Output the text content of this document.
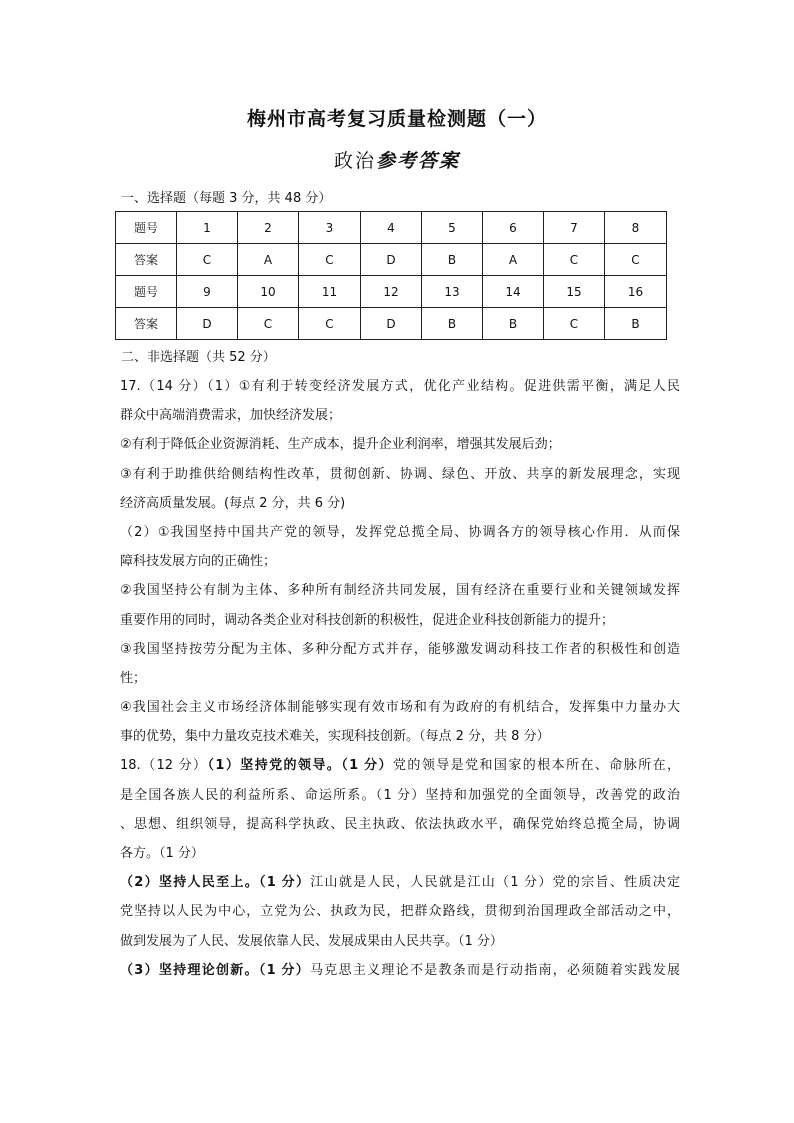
梅州市高考复习质量检测题（一）
政治参考答案
一、选择题（每题 3 分，共 48 分）
题号	1	2	3	4	5	6	7	8
答案	C	A	C	D	B	A	C	C
题号	9	10	11	12	13	14	15	16
答案	D	C	C	D	B	B	C	B
二、非选择题（共 52 分）
17.（14 分）（1）①有利于转变经济发展方式，优化产业结构。促进供需平衡，满足人民
群众中高端消费需求，加快经济发展；
②有利于降低企业资源消耗、生产成本，提升企业利润率，增强其发展后劲；
③有利于助推供给侧结构性改革，贯彻创新、协调、绿色、开放、共享的新发展理念，实现
经济高质量发展。(每点 2 分，共 6 分)
（2）①我国坚持中国共产党的领导，发挥党总揽全局、协调各方的领导核心作用．从而保
障科技发展方向的正确性；
②我国坚持公有制为主体、多种所有制经济共同发展，国有经济在重要行业和关键领域发挥
重要作用的同时，调动各类企业对科技创新的积极性，促进企业科技创新能力的提升；
③我国坚持按劳分配为主体、多种分配方式并存，能够激发调动科技工作者的积极性和创造
性；
④我国社会主义市场经济体制能够实现有效市场和有为政府的有机结合，发挥集中力量办大
事的优势，集中力量攻克技术难关，实现科技创新。（每点 2 分，共 8 分）
18.（12 分）（1）坚持党的领导。（1 分）党的领导是党和国家的根本所在、命脉所在，
是全国各族人民的利益所系、命运所系。（1 分）坚持和加强党的全面领导，改善党的政治
、思想、组织领导，提高科学执政、民主执政、依法执政水平，确保党始终总揽全局，协调
各方。（1 分）
（2）坚持人民至上。（1 分）江山就是人民，人民就是江山（1 分）党的宗旨、性质决定
党坚持以人民为中心，立党为公、执政为民，把群众路线，贯彻到治国理政全部活动之中，
做到发展为了人民、发展依靠人民、发展成果由人民共享。（1 分）
（3）坚持理论创新。（1 分）马克思主义理论不是教条而是行动指南，必须随着实践发展
